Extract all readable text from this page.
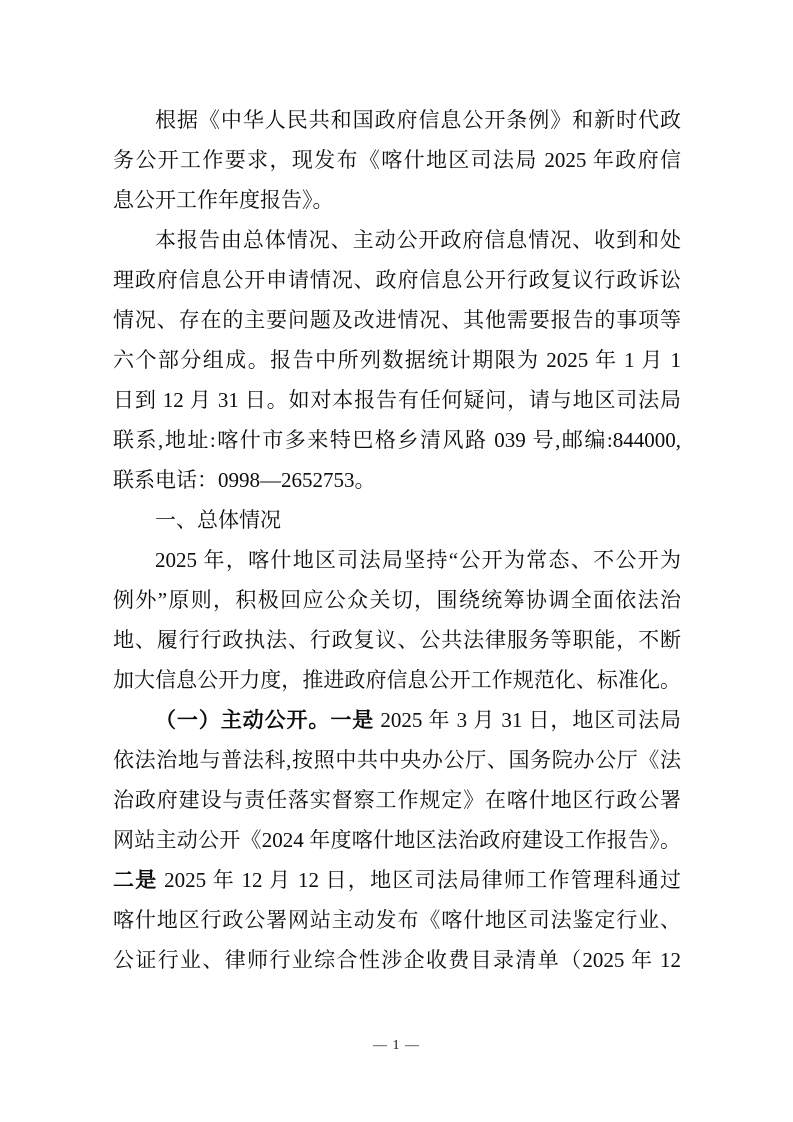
根据《中华人民共和国政府信息公开条例》和新时代政
务公开工作要求，现发布《喀什地区司法局 2025 年政府信
息公开工作年度报告》。
本报告由总体情况、主动公开政府信息情况、收到和处
理政府信息公开申请情况、政府信息公开行政复议行政诉讼
情况、存在的主要问题及改进情况、其他需要报告的事项等
六个部分组成。报告中所列数据统计期限为 2025 年 1 月 1
日到 12 月 31 日。如对本报告有任何疑问，请与地区司法局
联系,地址:喀什市多来特巴格乡清风路 039 号,邮编:844000,
联系电话：0998—2652753。
一、总体情况
2025 年，喀什地区司法局坚持“公开为常态、不公开为
例外”原则，积极回应公众关切，围绕统筹协调全面依法治
地、履行行政执法、行政复议、公共法律服务等职能，不断
加大信息公开力度，推进政府信息公开工作规范化、标准化。
（一）主动公开。一是 2025 年 3 月 31 日，地区司法局
依法治地与普法科,按照中共中央办公厅、国务院办公厅《法
治政府建设与责任落实督察工作规定》在喀什地区行政公署
网站主动公开《2024 年度喀什地区法治政府建设工作报告》。
二是 2025 年 12 月 12 日，地区司法局律师工作管理科通过
喀什地区行政公署网站主动发布《喀什地区司法鉴定行业、
公证行业、律师行业综合性涉企收费目录清单（2025 年 12
— 1 —
